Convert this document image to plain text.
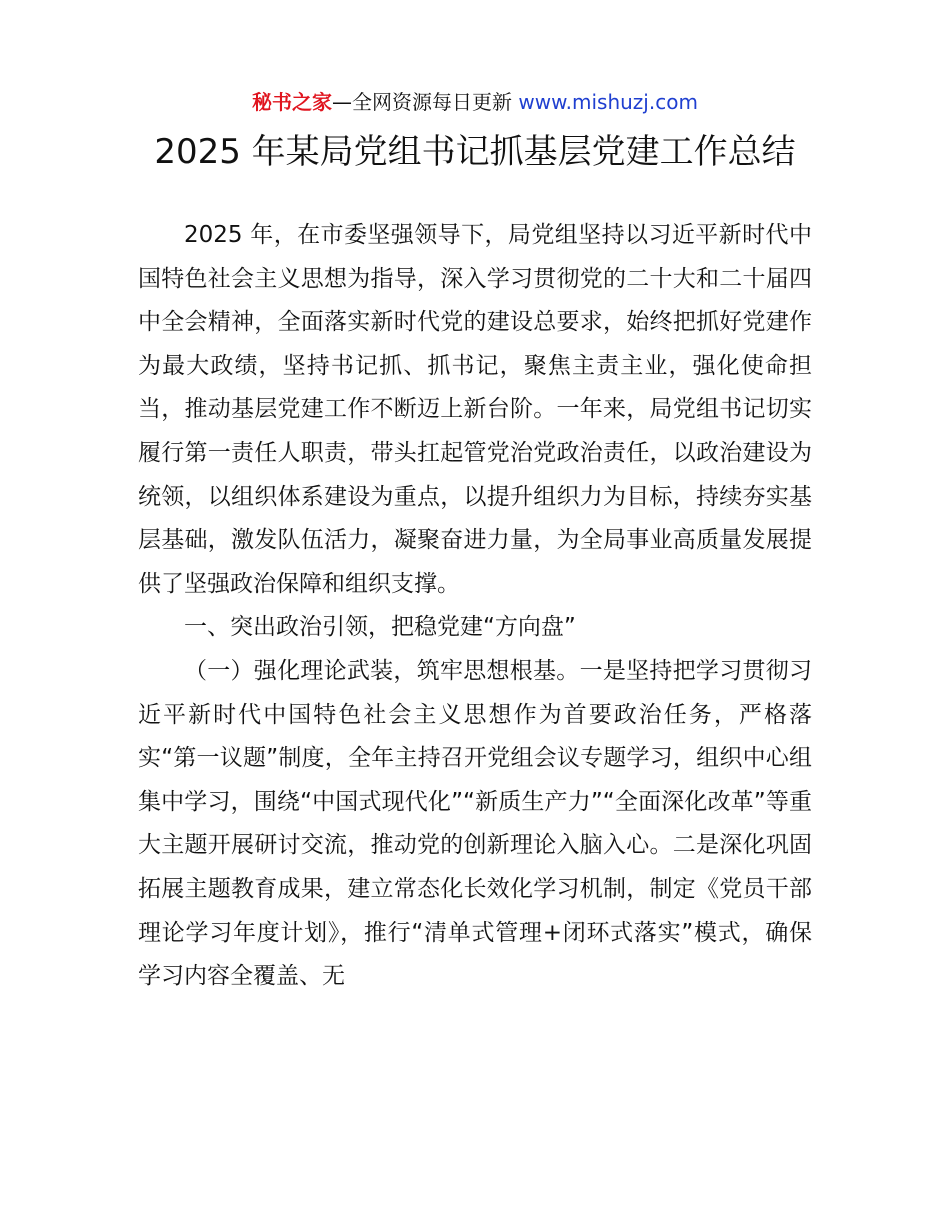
秘书之家—全网资源每日更新 www.mishuzj.com
2025 年某局党组书记抓基层党建工作总结

2025 年，在市委坚强领导下，局党组坚持以习近平新时代中国特色社会主义思想为指导，深入学习贯彻党的二十大和二十届四中全会精神，全面落实新时代党的建设总要求，始终把抓好党建作为最大政绩，坚持书记抓、抓书记，聚焦主责主业，强化使命担当，推动基层党建工作不断迈上新台阶。一年来，局党组书记切实履行第一责任人职责，带头扛起管党治党政治责任，以政治建设为统领，以组织体系建设为重点，以提升组织力为目标，持续夯实基层基础，激发队伍活力，凝聚奋进力量，为全局事业高质量发展提供了坚强政治保障和组织支撑。

一、突出政治引领，把稳党建“方向盘”

（一）强化理论武装，筑牢思想根基。一是坚持把学习贯彻习近平新时代中国特色社会主义思想作为首要政治任务，严格落实“第一议题”制度，全年主持召开党组会议专题学习，组织中心组集中学习，围绕“中国式现代化”“新质生产力”“全面深化改革”等重大主题开展研讨交流，推动党的创新理论入脑入心。二是深化巩固拓展主题教育成果，建立常态化长效化学习机制，制定《党员干部理论学习年度计划》，推行“清单式管理+闭环式落实”模式，确保学习内容全覆盖、无
